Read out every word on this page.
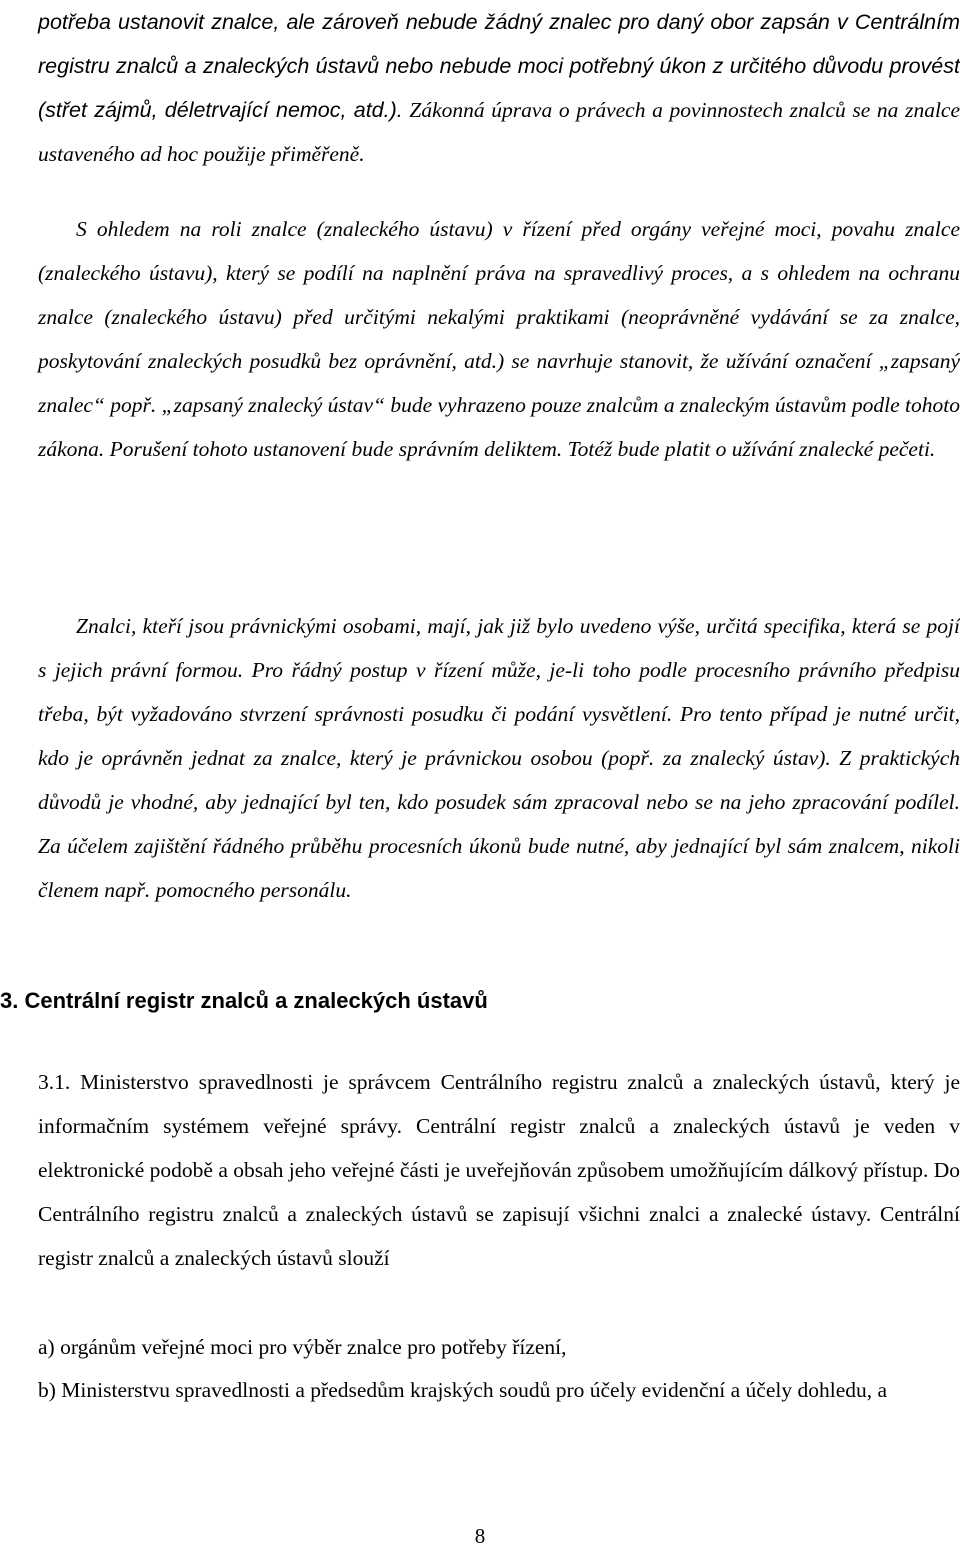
potřeba ustanovit znalce, ale zároveň nebude žádný znalec pro daný obor zapsán v Centrálním registru znalců a znaleckých ústavů nebo nebude moci potřebný úkon z určitého důvodu provést (střet zájmů, déletrvající nemoc, atd.). Zákonná úprava o právech a povinnostech znalců se na znalce ustaveného ad hoc použije přiměřeně.

S ohledem na roli znalce (znaleckého ústavu) v řízení před orgány veřejné moci, povahu znalce (znaleckého ústavu), který se podílí na naplnění práva na spravedlivý proces, a s ohledem na ochranu znalce (znaleckého ústavu) před určitými nekalými praktikami (neoprávněné vydávání se za znalce, poskytování znaleckých posudků bez oprávnění, atd.) se navrhuje stanovit, že užívání označení „zapsaný znalec“ popř. „zapsaný znalecký ústav“ bude vyhrazeno pouze znalcům a znaleckým ústavům podle tohoto zákona. Porušení tohoto ustanovení bude správním deliktem. Totéž bude platit o užívání znalecké pečeti.

Znalci, kteří jsou právnickými osobami, mají, jak již bylo uvedeno výše, určitá specifika, která se pojí s jejich právní formou. Pro řádný postup v řízení může, je-li toho podle procesního právního předpisu třeba, být vyžadováno stvrzení správnosti posudku či podání vysvětlení. Pro tento případ je nutné určit, kdo je oprávněn jednat za znalce, který je právnickou osobou (popř. za znalecký ústav). Z praktických důvodů je vhodné, aby jednající byl ten, kdo posudek sám zpracoval nebo se na jeho zpracování podílel. Za účelem zajištění řádného průběhu procesních úkonů bude nutné, aby jednající byl sám znalcem, nikoli členem např. pomocného personálu.

3. Centrální registr znalců a znaleckých ústavů

3.1. Ministerstvo spravedlnosti je správcem Centrálního registru znalců a znaleckých ústavů, který je informačním systémem veřejné správy. Centrální registr znalců a znaleckých ústavů je veden v elektronické podobě a obsah jeho veřejné části je uveřejňován způsobem umožňujícím dálkový přístup. Do Centrálního registru znalců a znaleckých ústavů se zapisují všichni znalci a znalecké ústavy. Centrální registr znalců a znaleckých ústavů slouží

a) orgánům veřejné moci pro výběr znalce pro potřeby řízení,

b) Ministerstvu spravedlnosti a předsedům krajských soudů pro účely evidenční a účely dohledu, a

8
